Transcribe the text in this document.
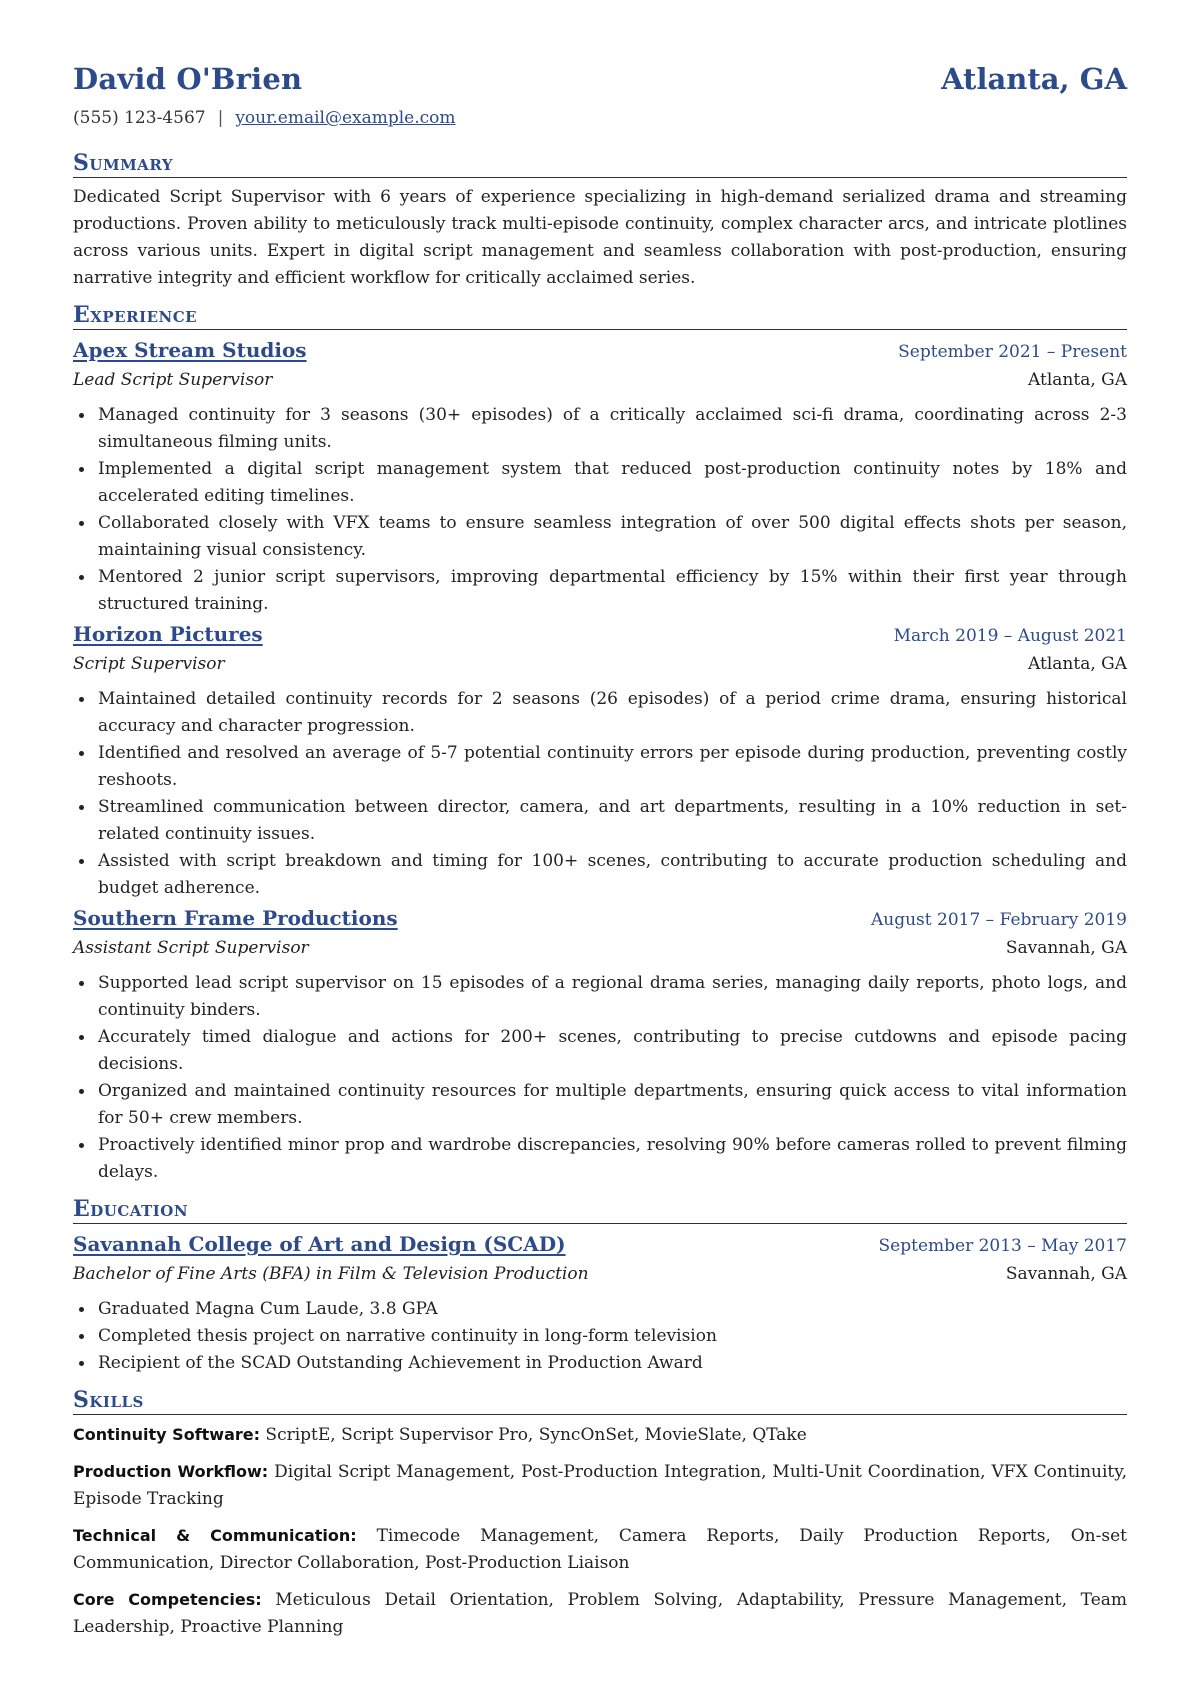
David O'Brien	Atlanta, GA
(555) 123-4567 | your.email@example.com
Summary

Dedicated Script Supervisor with 6 years of experience specializing in high-demand serialized drama and streaming productions. Proven ability to meticulously track multi-episode continuity, complex character arcs, and intricate plotlines across various units. Expert in digital script management and seamless collaboration with post-production, ensuring narrative integrity and efficient workflow for critically acclaimed series.

Experience
Apex Stream Studios	September 2021 – Present
Lead Script Supervisor	Atlanta, GA
Managed continuity for 3 seasons (30+ episodes) of a critically acclaimed sci-fi drama, coordinating across 2-3 simultaneous filming units.
Implemented a digital script management system that reduced post-production continuity notes by 18% and accelerated editing timelines.
Collaborated closely with VFX teams to ensure seamless integration of over 500 digital effects shots per season, maintaining visual consistency.
Mentored 2 junior script supervisors, improving departmental efficiency by 15% within their first year through structured training.
Horizon Pictures	March 2019 – August 2021
Script Supervisor	Atlanta, GA
Maintained detailed continuity records for 2 seasons (26 episodes) of a period crime drama, ensuring historical accuracy and character progression.
Identified and resolved an average of 5-7 potential continuity errors per episode during production, preventing costly reshoots.
Streamlined communication between director, camera, and art departments, resulting in a 10% reduction in set-related continuity issues.
Assisted with script breakdown and timing for 100+ scenes, contributing to accurate production scheduling and budget adherence.
Southern Frame Productions	August 2017 – February 2019
Assistant Script Supervisor	Savannah, GA
Supported lead script supervisor on 15 episodes of a regional drama series, managing daily reports, photo logs, and continuity binders.
Accurately timed dialogue and actions for 200+ scenes, contributing to precise cutdowns and episode pacing decisions.
Organized and maintained continuity resources for multiple departments, ensuring quick access to vital information for 50+ crew members.
Proactively identified minor prop and wardrobe discrepancies, resolving 90% before cameras rolled to prevent filming delays.
Education
Savannah College of Art and Design (SCAD)	September 2013 – May 2017
Bachelor of Fine Arts (BFA) in Film & Television Production	Savannah, GA
Graduated Magna Cum Laude, 3.8 GPA
Completed thesis project on narrative continuity in long-form television
Recipient of the SCAD Outstanding Achievement in Production Award
Skills

Continuity Software: ScriptE, Script Supervisor Pro, SyncOnSet, MovieSlate, QTake

Production Workflow: Digital Script Management, Post-Production Integration, Multi-Unit Coordination, VFX Continuity, Episode Tracking

Technical & Communication: Timecode Management, Camera Reports, Daily Production Reports, On-set Communication, Director Collaboration, Post-Production Liaison

Core Competencies: Meticulous Detail Orientation, Problem Solving, Adaptability, Pressure Management, Team Leadership, Proactive Planning
